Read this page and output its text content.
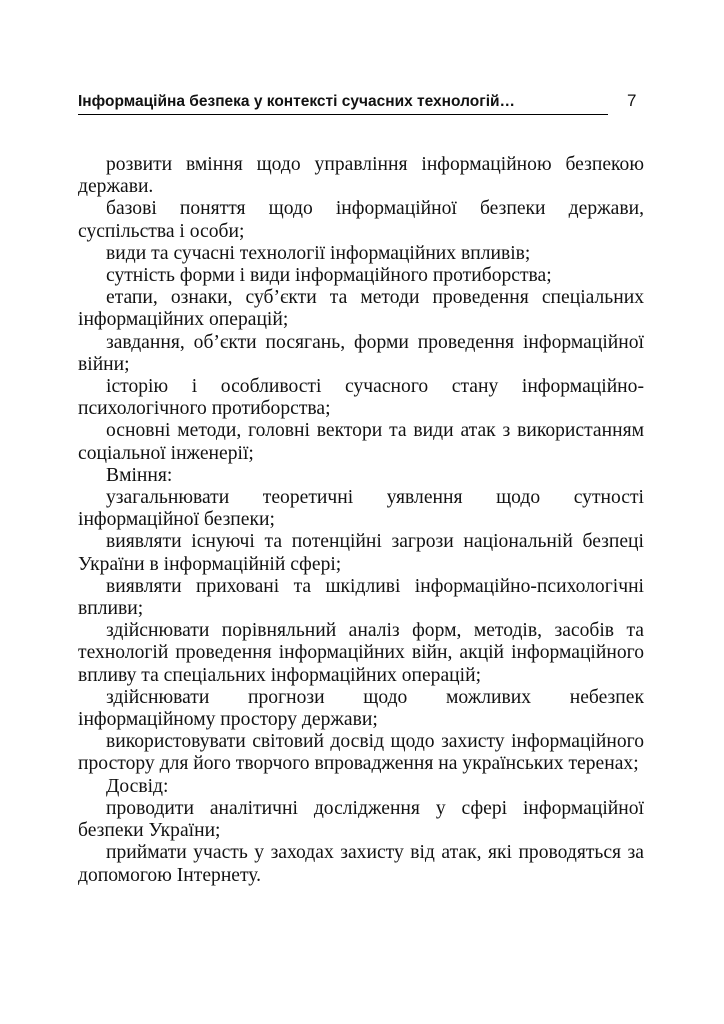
Інформаційна безпека у контексті сучасних технологій…	7

розвити вміння щодо управління інформаційною безпекою держави.

базові поняття щодо інформаційної безпеки держави, суспільства і особи;

види та сучасні технології інформаційних впливів;

сутність форми і види інформаційного протиборства;

етапи, ознаки, суб’єкти та методи проведення спеціальних інформаційних операцій;

завдання, об’єкти посягань, форми проведення інформаційної війни;

історію і особливості сучасного стану інформаційно-психологічного протиборства;

основні методи, головні вектори та види атак з використанням соціальної інженерії;

Вміння:

узагальнювати теоретичні уявлення щодо сутності інформаційної безпеки;

виявляти існуючі та потенційні загрози національній безпеці України в інформаційній сфері;

виявляти приховані та шкідливі інформаційно-психологічні впливи;

здійснювати порівняльний аналіз форм, методів, засобів та технологій проведення інформаційних війн, акцій інформаційного впливу та спеціальних інформаційних операцій;

здійснювати прогнози щодо можливих небезпек інформаційному простору держави;

використовувати світовий досвід щодо захисту інформаційного простору для його творчого впровадження на українських теренах;

Досвід:

проводити аналітичні дослідження у сфері інформаційної безпеки України;

приймати участь у заходах захисту від атак, які проводяться за допомогою Інтернету.
